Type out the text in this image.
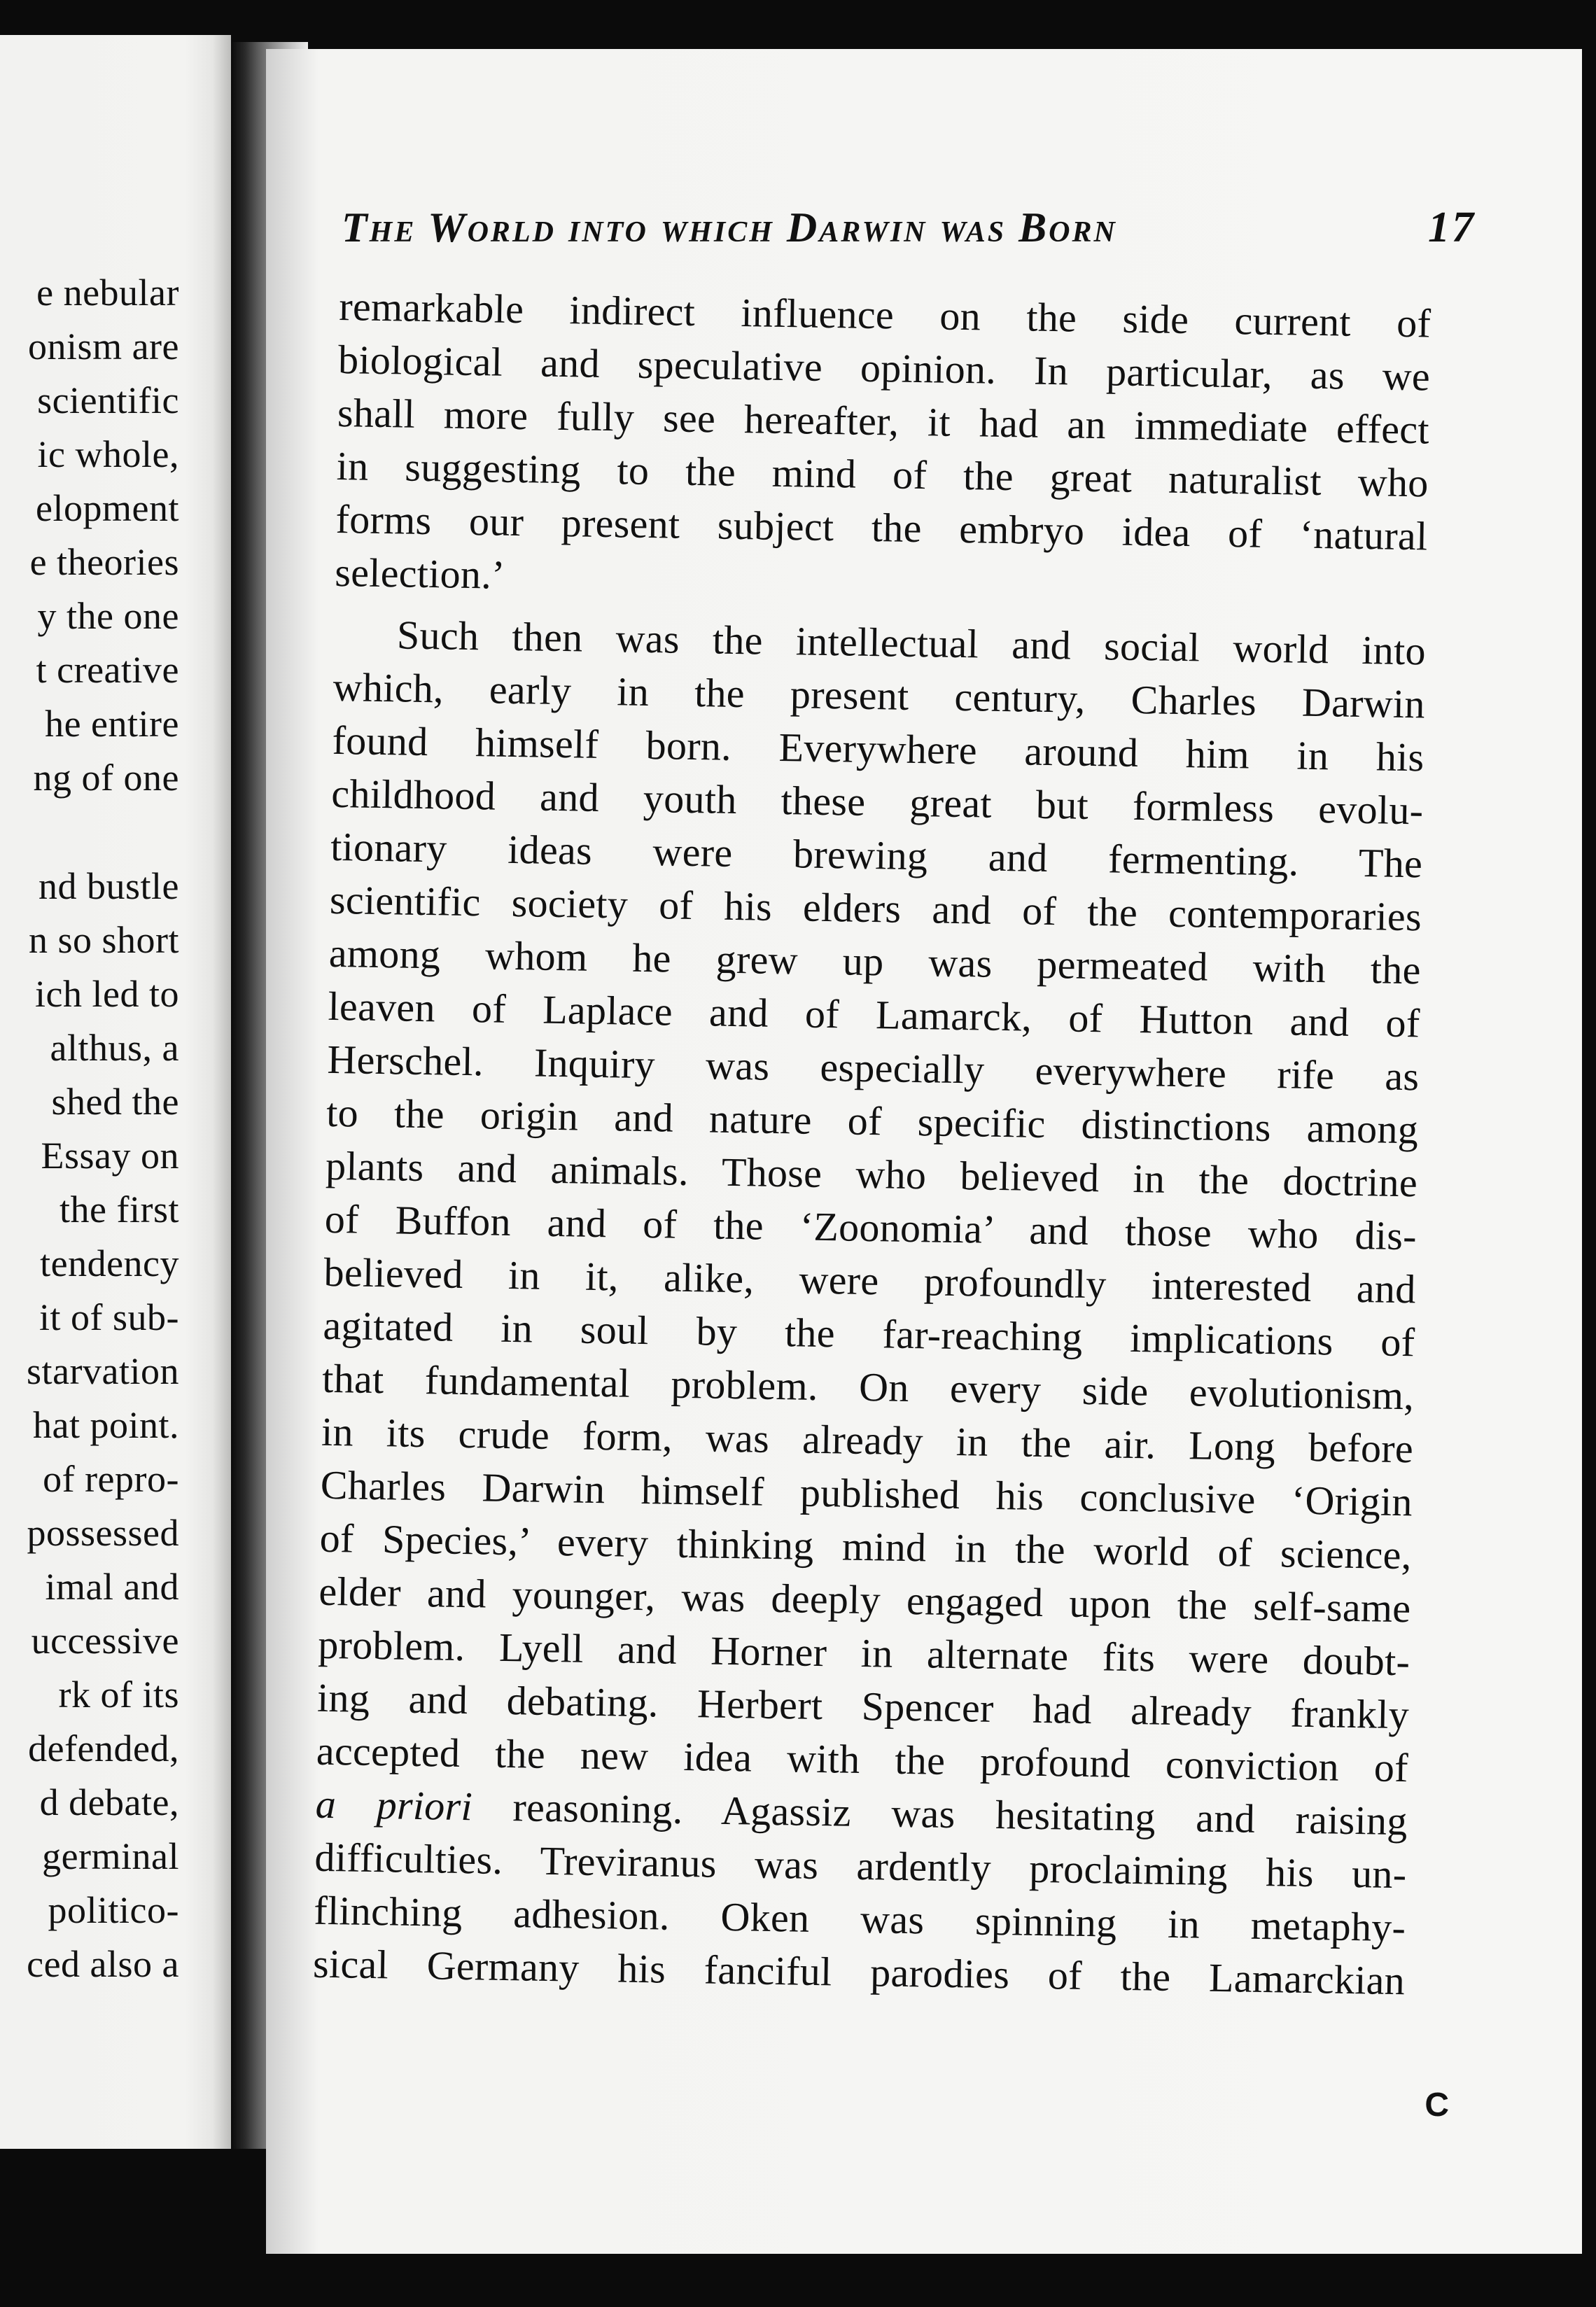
e nebular
onism are
scientific
ic whole,
elopment
e theories
y the one
t creative
he entire
ng of one
nd bustle
n so short
ich led to
althus, a
shed the
Essay on
the first
tendency
it of sub-
starvation
hat point.
of repro-
possessed
imal and
uccessive
rk of its
defended,
d debate,
germinal
politico-
ced also a
The World into which Darwin was Born	17
remarkable indirect influence on the side current of
biological and speculative opinion. In particular, as we
shall more fully see hereafter, it had an immediate effect
in suggesting to the mind of the great naturalist who
forms our present subject the embryo idea of ‘natural
selection.’
Such then was the intellectual and social world into
which, early in the present century, Charles Darwin
found himself born. Everywhere around him in his
childhood and youth these great but formless evolu-
tionary ideas were brewing and fermenting. The
scientific society of his elders and of the contemporaries
among whom he grew up was permeated with the
leaven of Laplace and of Lamarck, of Hutton and of
Herschel. Inquiry was especially everywhere rife as
to the origin and nature of specific distinctions among
plants and animals. Those who believed in the doctrine
of Buffon and of the ‘Zoonomia’ and those who dis-
believed in it, alike, were profoundly interested and
agitated in soul by the far-reaching implications of
that fundamental problem. On every side evolutionism,
in its crude form, was already in the air. Long before
Charles Darwin himself published his conclusive ‘Origin
of Species,’ every thinking mind in the world of science,
elder and younger, was deeply engaged upon the self-same
problem. Lyell and Horner in alternate fits were doubt-
ing and debating. Herbert Spencer had already frankly
accepted the new idea with the profound conviction of
a priori reasoning. Agassiz was hesitating and raising
difficulties. Treviranus was ardently proclaiming his un-
flinching adhesion. Oken was spinning in metaphy-
sical Germany his fanciful parodies of the Lamarckian
C
